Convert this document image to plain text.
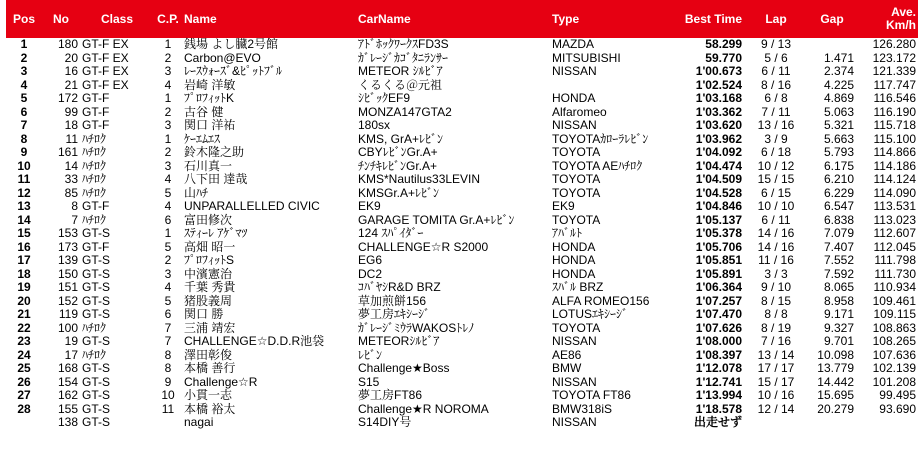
Pos	No	Class	C.P.	Name	CarName	Type	Best Time	Lap	Gap	Ave.
Km/h

1	180	GT-F EX	1	銭場 よし臓2号館	ｱﾄﾞﾎｯｸﾜｰｸｽFD3S	MAZDA	58.299	9 / 13		126.280
2	20	GT-F EX	2	Carbon@EVO	ｶﾞﾚｰｼﾞｶｺﾞﾀﾆﾗﾝｻｰ	MITSUBISHI	59.770	5 / 6	1.471	123.172
3	16	GT-F EX	3	ﾚｰｽｳｫｰｽﾞ&ﾋﾟｯﾄﾌﾞﾙ	METEOR ｼﾙﾋﾞｱ	NISSAN	1'00.673	6 / 11	2.374	121.339
4	21	GT-F EX	4	岩崎 洋敏	くるくる＠元祖		1'02.524	8 / 16	4.225	117.747
5	172	GT-F	1	ﾌﾟﾛﾌｨｯﾄK	ｼﾋﾞｯｸEF9	HONDA	1'03.168	6 / 8	4.869	116.546
6	99	GT-F	2	古谷 健	MONZA147GTA2	Alfaromeo	1'03.362	7 / 11	5.063	116.190
7	18	GT-F	3	関口 洋祐	180sx	NISSAN	1'03.620	13 / 16	5.321	115.718
8	11	ﾊﾁﾛｸ	1	ｹｰｴﾑｴｽ	KMS, GrA+ﾚﾋﾞﾝ	TOYOTAｶﾛｰﾗﾚﾋﾞﾝ	1'03.962	3 / 9	5.663	115.100
9	161	ﾊﾁﾛｸ	2	鈴木隆之助	CBYﾚﾋﾞﾝGr.A+	TOYOTA	1'04.092	6 / 18	5.793	114.866
10	14	ﾊﾁﾛｸ	3	石川真一	ﾁﾝﾁｷﾚﾋﾞﾝGr.A+	TOYOTA AEﾊﾁﾛｸ	1'04.474	10 / 12	6.175	114.186
11	33	ﾊﾁﾛｸ	4	八下田 達哉	KMS*Nautilus33LEVIN	TOYOTA	1'04.509	15 / 15	6.210	114.124
12	85	ﾊﾁﾛｸ	5	山ﾊﾁ	KMSGr.A+ﾚﾋﾞﾝ	TOYOTA	1'04.528	6 / 15	6.229	114.090
13	8	GT-F	4	UNPARALLELLED CIVIC	EK9	EK9	1'04.846	10 / 10	6.547	113.531
14	7	ﾊﾁﾛｸ	6	富田修次	GARAGE TOMITA Gr.A+ﾚﾋﾞﾝ	TOYOTA	1'05.137	6 / 11	6.838	113.023
15	153	GT-S	1	ｽﾃｨｰﾚ ｱｹﾞﾏﾂ	124 ｽﾊﾟｲﾀﾞｰ	ｱﾊﾞﾙﾄ	1'05.378	14 / 16	7.079	112.607
16	173	GT-F	5	高畑 昭一	CHALLENGE☆R S2000	HONDA	1'05.706	14 / 16	7.407	112.045
17	139	GT-S	2	ﾌﾟﾛﾌｨｯﾄS	EG6	HONDA	1'05.851	11 / 16	7.552	111.798
18	150	GT-S	3	中濱憲治	DC2	HONDA	1'05.891	3 / 3	7.592	111.730
19	151	GT-S	4	千葉 秀貴	ｺﾊﾞﾔｼR&D BRZ	ｽﾊﾞﾙ BRZ	1'06.364	9 / 10	8.065	110.934
20	152	GT-S	5	猪股義周	草加煎餅156	ALFA ROMEO156	1'07.257	8 / 15	8.958	109.461
21	119	GT-S	6	関口 勝	夢工房ｴｷｼｰｼﾞ	LOTUSｴｷｼｰｼﾞ	1'07.470	8 / 8	9.171	109.115
22	100	ﾊﾁﾛｸ	7	三浦 靖宏	ｶﾞﾚｰｼﾞﾐｳﾗWAKOSﾄﾚﾉ	TOYOTA	1'07.626	8 / 19	9.327	108.863
23	19	GT-S	7	CHALLENGE☆D.D.R池袋	METEORｼﾙﾋﾞｱ	NISSAN	1'08.000	7 / 16	9.701	108.265
24	17	ﾊﾁﾛｸ	8	澤田彰俊	ﾚﾋﾞﾝ	AE86	1'08.397	13 / 14	10.098	107.636
25	168	GT-S	8	本橋 善行	Challenge★Boss	BMW	1'12.078	17 / 17	13.779	102.139
26	154	GT-S	9	Challenge☆R	S15	NISSAN	1'12.741	15 / 17	14.442	101.208
27	162	GT-S	10	小貫一志	夢工房FT86	TOYOTA FT86	1'13.994	10 / 16	15.695	99.495
28	155	GT-S	11	本橋 裕太	Challenge★R NOROMA	BMW318iS	1'18.578	12 / 14	20.279	93.690
	138	GT-S		nagai	S14DIY号	NISSAN	出走せず			
